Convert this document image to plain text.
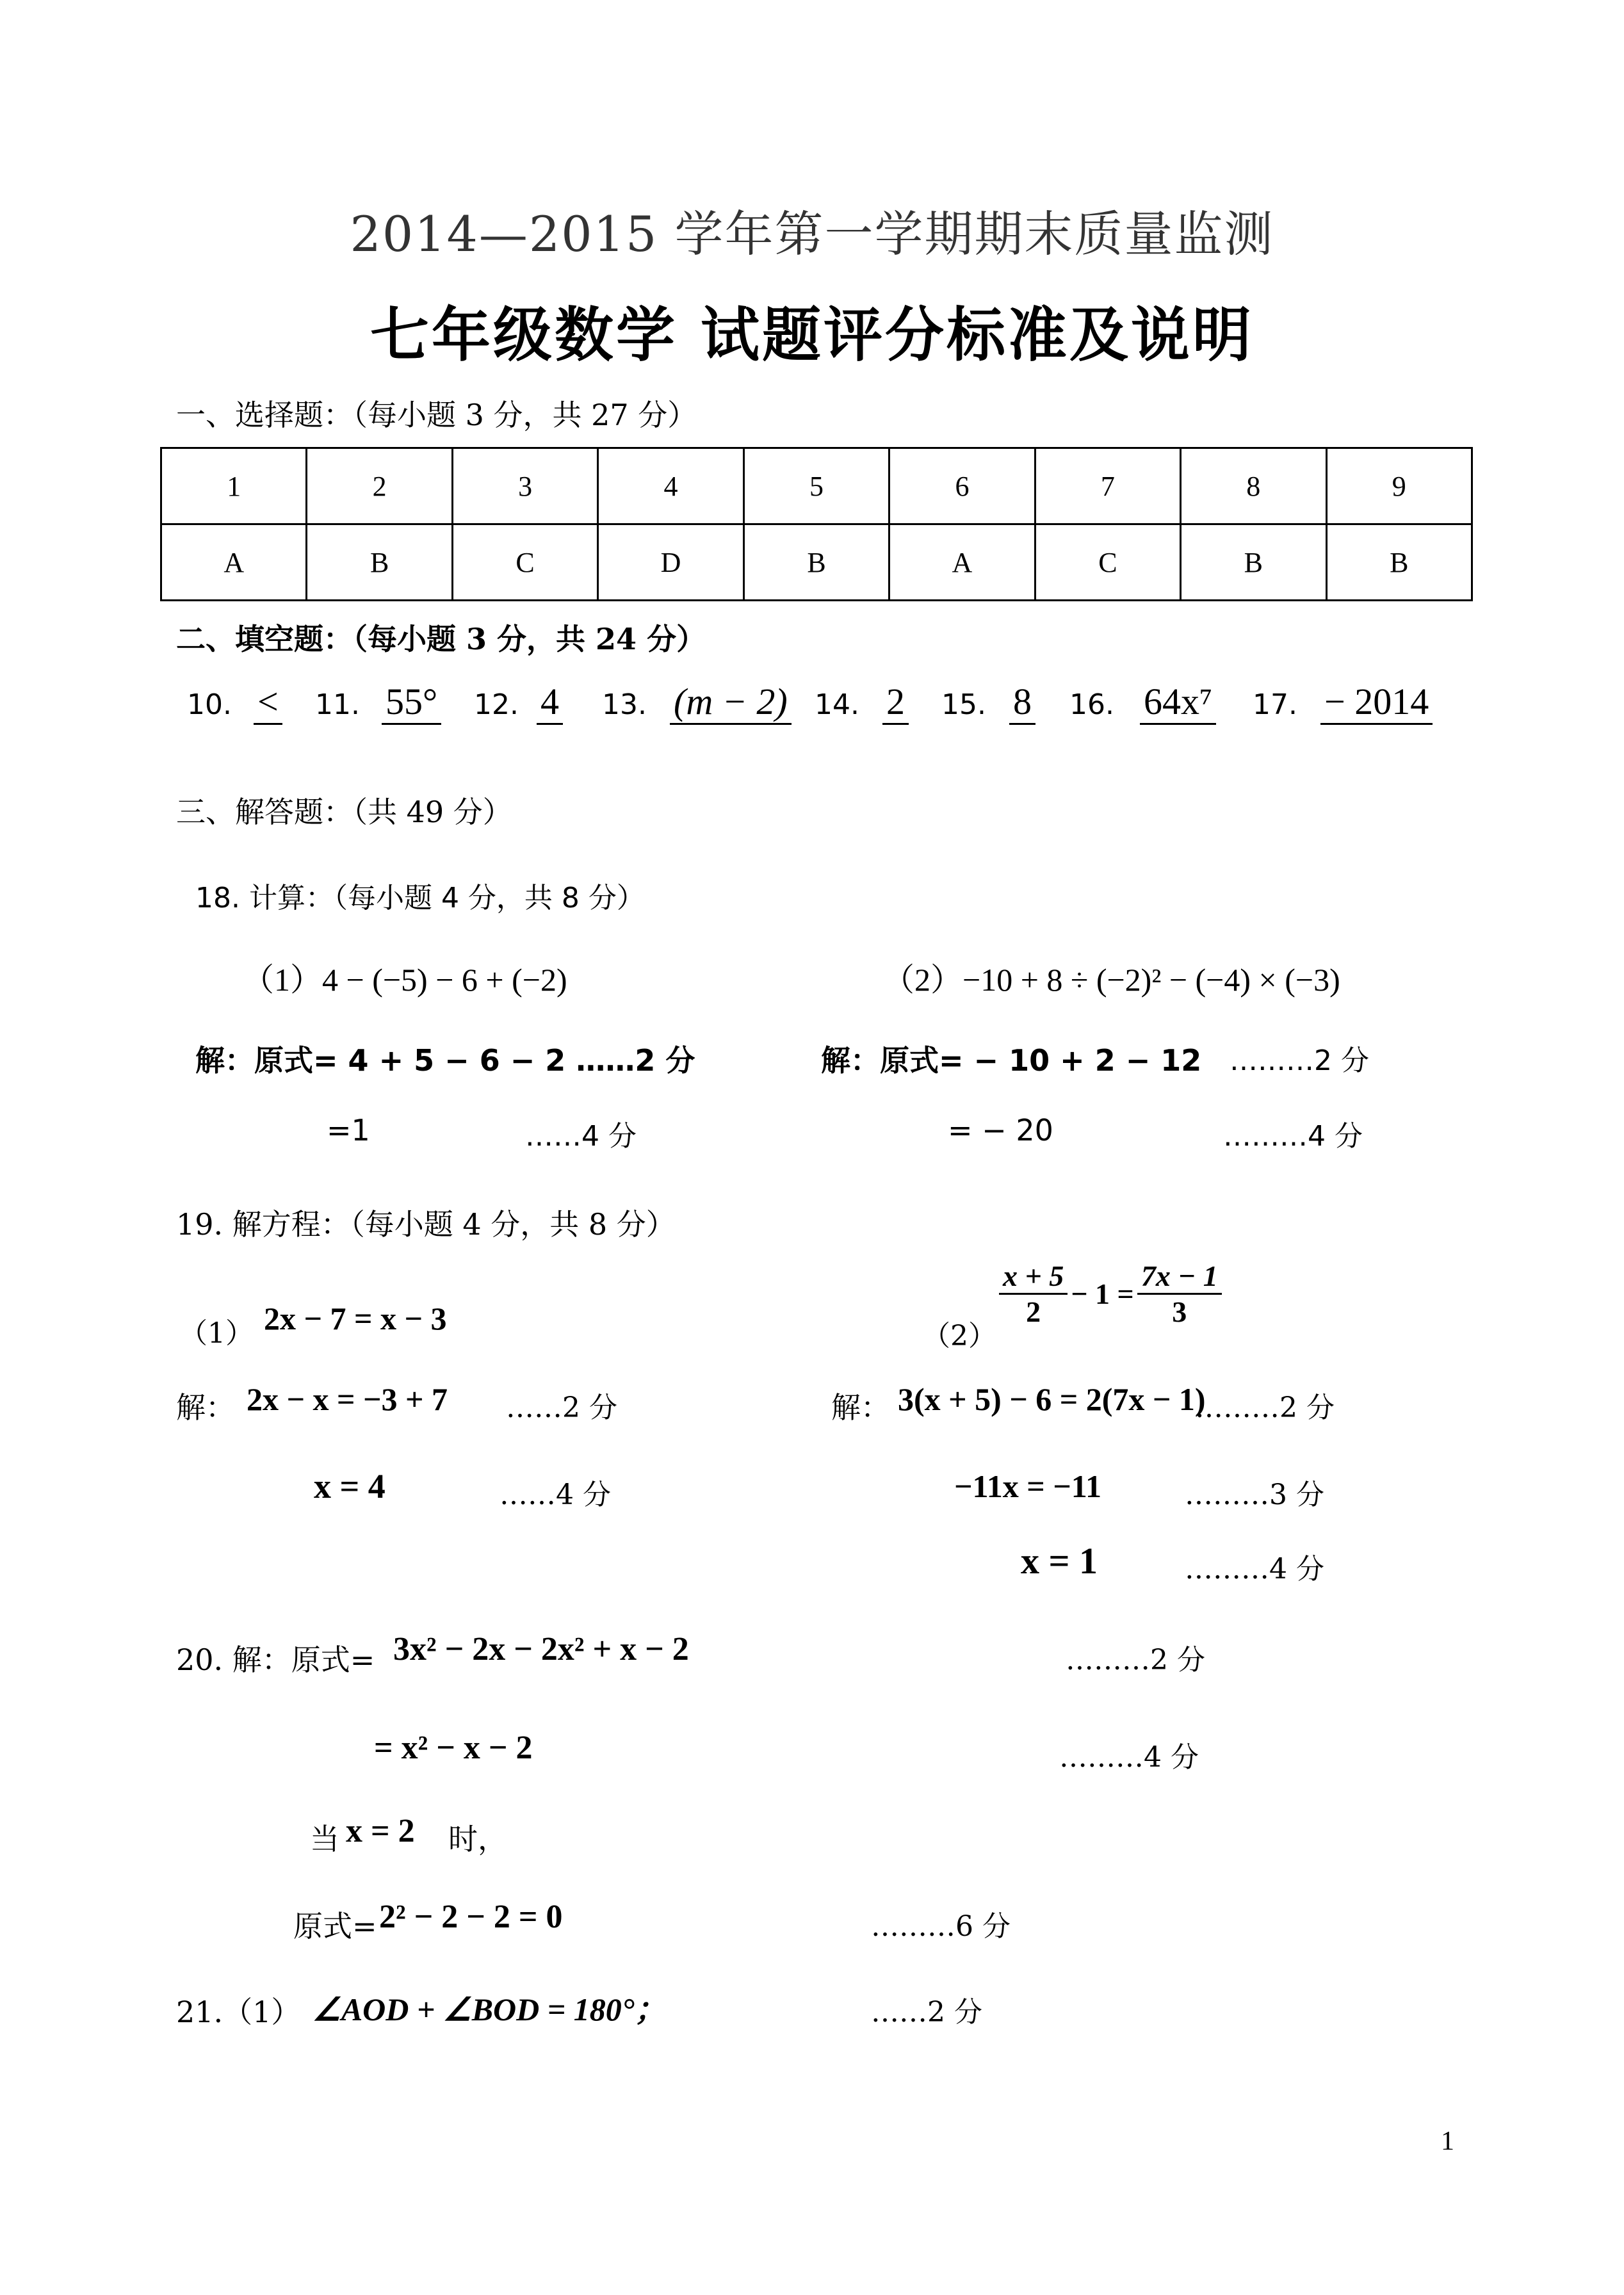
2014—2015 学年第一学期期末质量监测
七年级数学 试题评分标准及说明
一、选择题：（每小题 3 分，共 27 分）
1	2	3	4	5	6	7	8	9
A	B	C	D	B	A	C	B	B
二、填空题：（每小题 3 分，共 24 分）
10. < 11. 55° 12. 4 13. (m − 2) 14. 2 15. 8 16. 64x⁷ 17. − 2014
三、解答题：（共 49 分）
18. 计算：（每小题 4 分，共 8 分）
（1）4 − (−5) − 6 + (−2)	（2）−10 + 8 ÷ (−2)² − (−4) × (−3)
解：原式= 4 + 5 − 6 − 2 ……2 分
=1	……4 分
解：原式= − 10 + 2 − 12 ………2 分
= − 20	………4 分
19. 解方程：（每小题 4 分，共 8 分）
（1） 2x − 7 = x − 3	（2）
$\frac{x + 5}{2} - 1 = \frac{7x - 1}{3}$
解： 2x − x = −3 + 7 ……2 分
x = 4	……4 分
解： 3(x + 5) − 6 = 2(7x − 1)
………2 分
−11x = −11	………3 分
x = 1	………4 分
20. 解：原式= 3x² − 2x − 2x² + x − 2	………2 分
= x² − x − 2	………4 分
当 x = 2 时，
原式= 2² − 2 − 2 = 0	………6 分
21.（1） ∠AOD + ∠BOD = 180°；	……2 分
1
